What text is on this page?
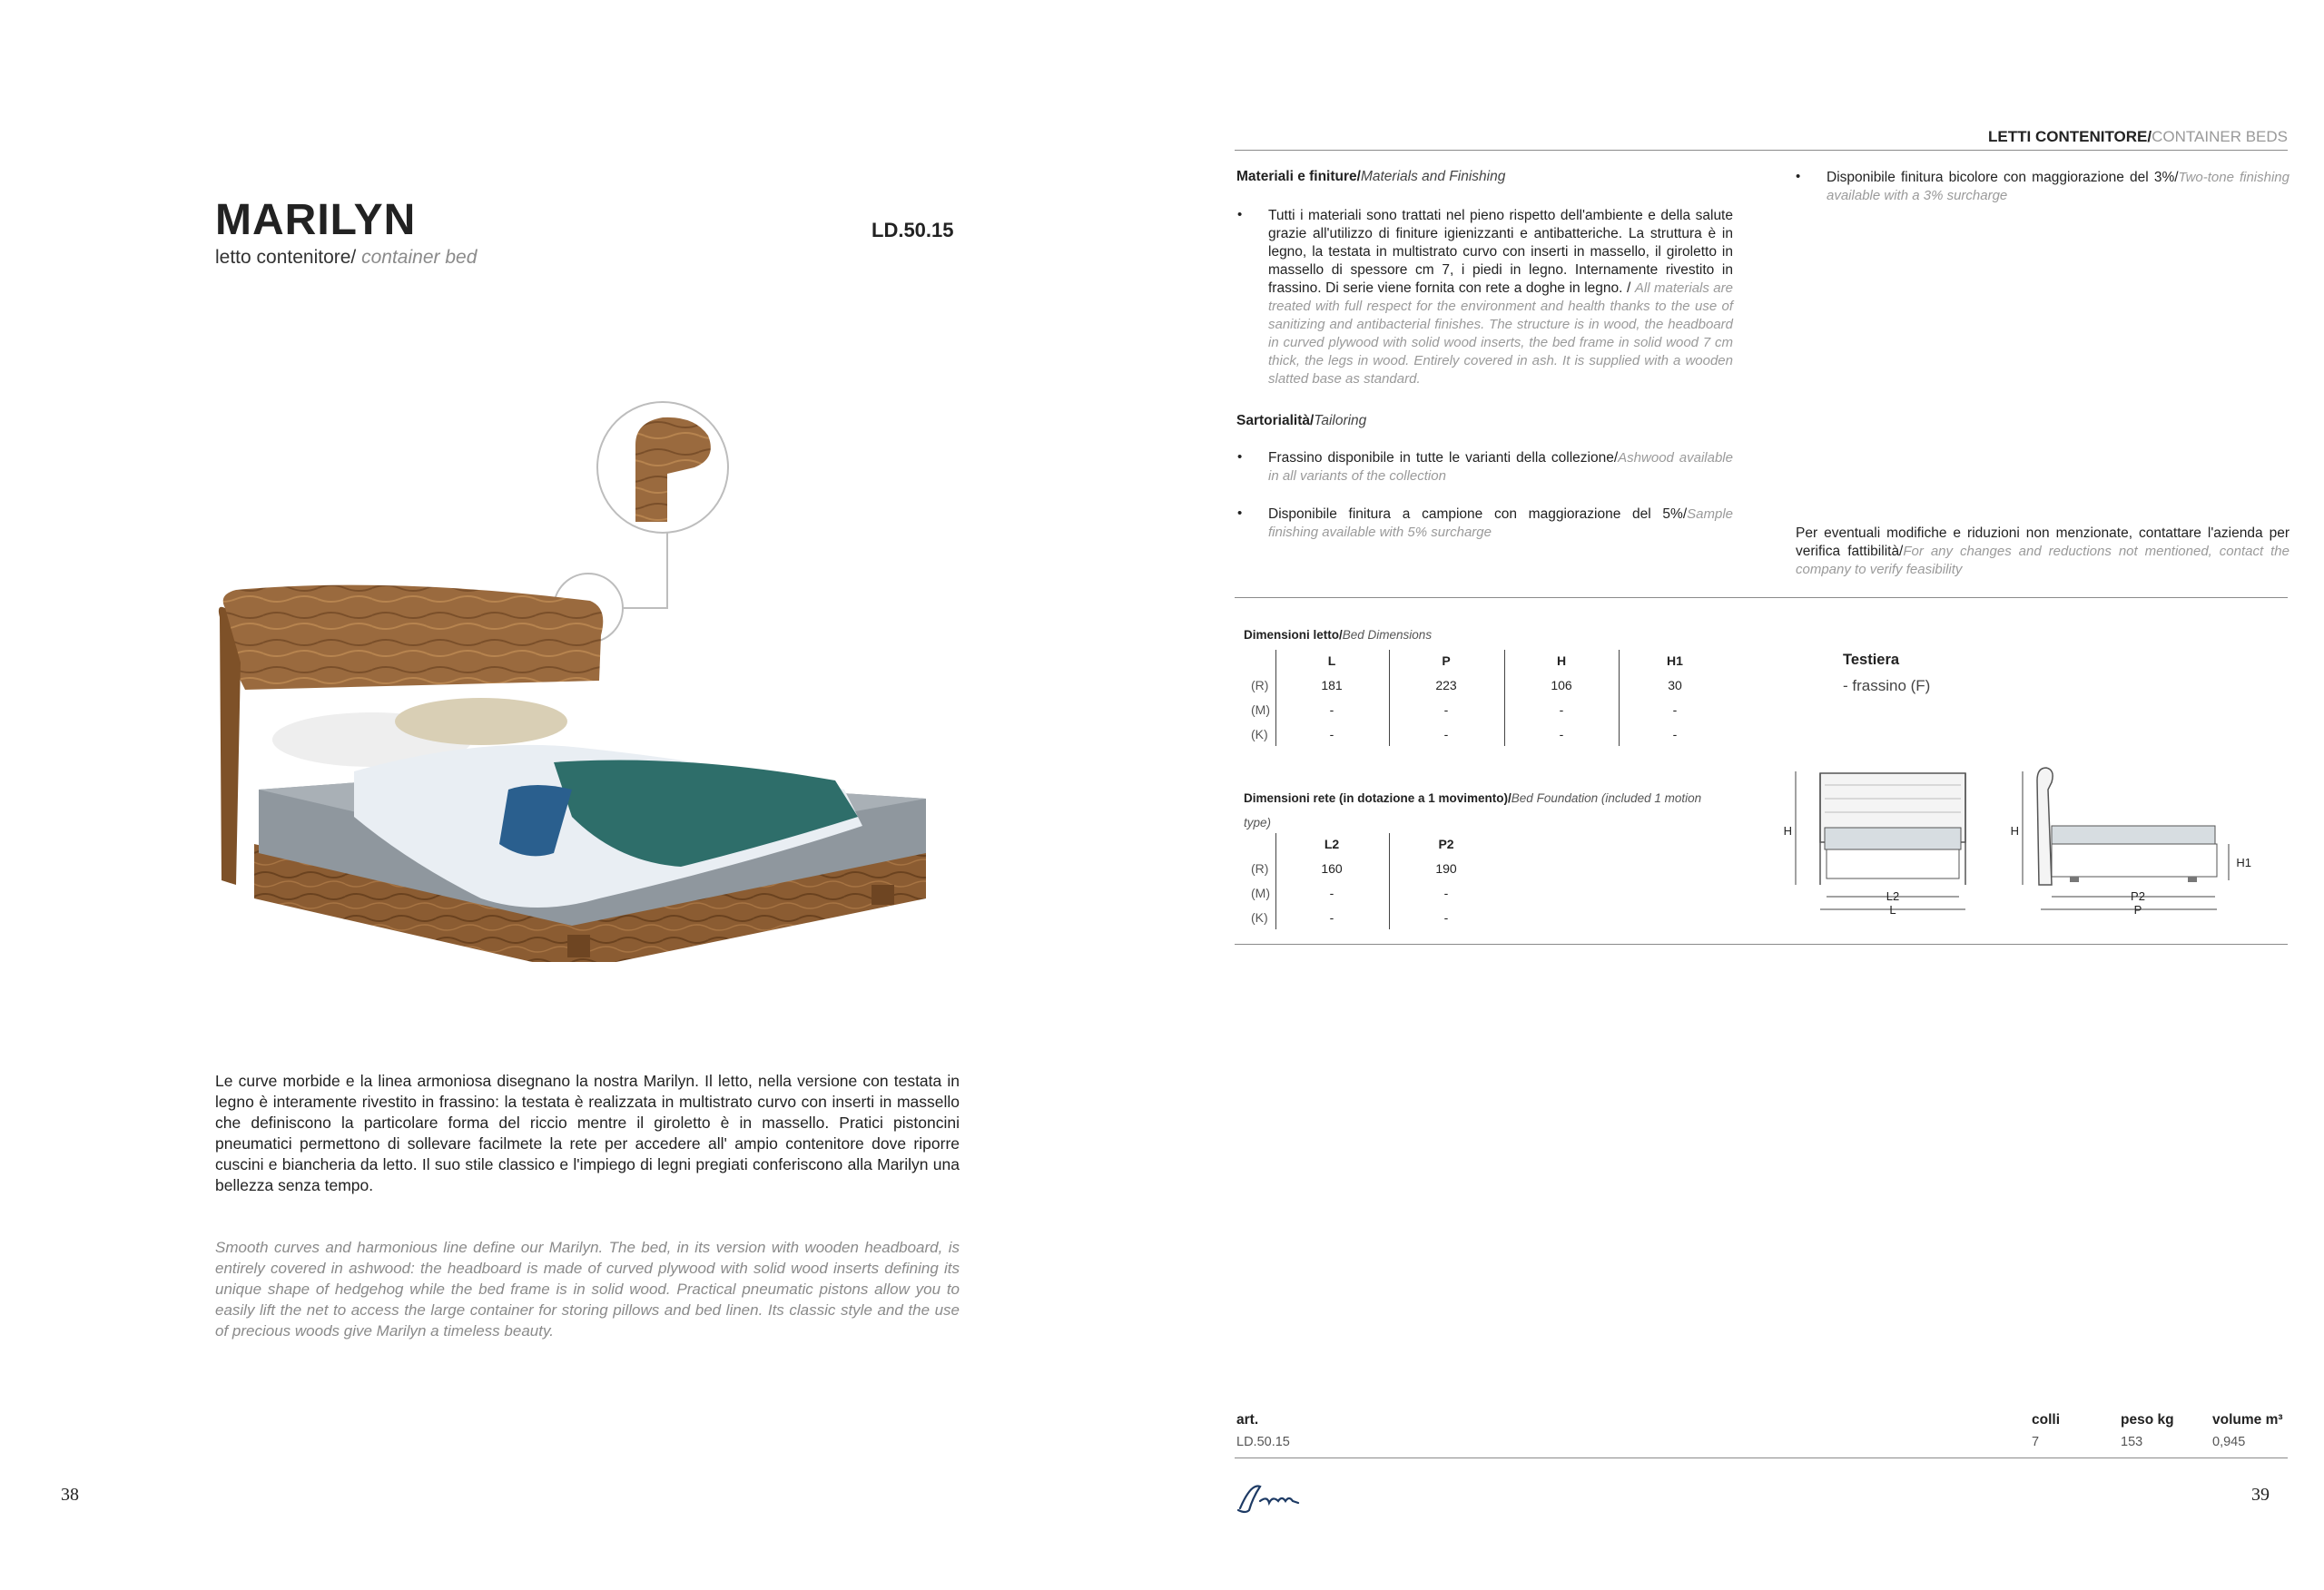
MARILYN
letto contenitore/ container bed
LD.50.15
Le curve morbide e la linea armoniosa disegnano la nostra Marilyn. Il letto, nella versione con testata in legno è interamente rivestito in frassino: la testata è realizzata in multistrato curvo con inserti in massello che definiscono la particolare forma del riccio mentre il giroletto è in massello. Pratici pistoncini pneumatici permettono di sollevare facilmete la rete per accedere all' ampio contenitore dove riporre cuscini e biancheria da letto. Il suo stile classico e l'impiego di legni pregiati conferiscono alla Marilyn una bellezza senza tempo.
Smooth curves and harmonious line define our Marilyn. The bed, in its version with wooden headboard, is entirely covered in ashwood: the headboard is made of curved plywood with solid wood inserts defining its unique shape of hedgehog while the bed frame is in solid wood. Practical pneumatic pistons allow you to easily lift the net to access the large container for storing pillows and bed linen. Its classic style and the use of precious woods give Marilyn a timeless beauty.
38
LETTI CONTENITORE/CONTAINER BEDS
Materiali e finiture/Materials and Finishing
• Tutti i materiali sono trattati nel pieno rispetto dell'ambiente e della salute grazie all'utilizzo di finiture igienizzanti e antibatteriche. La struttura è in legno, la testata in multistrato curvo con inserti in massello, il giroletto in massello di spessore cm 7, i piedi in legno. Internamente rivestito in frassino. Di serie viene fornita con rete a doghe in legno. / All materials are treated with full respect for the environment and health thanks to the use of sanitizing and antibacterial finishes. The structure is in wood, the headboard in curved plywood with solid wood inserts, the bed frame in solid wood 7 cm thick, the legs in wood. Entirely covered in ash. It is supplied with a wooden slatted base as standard.
Sartorialità/Tailoring
• Frassino disponibile in tutte le varianti della collezione/Ashwood available in all variants of the collection
• Disponibile finitura a campione con maggiorazione del 5%/Sample finishing available with 5% surcharge
• Disponibile finitura bicolore con maggiorazione del 3%/Two-tone finishing available with a 3% surcharge
Per eventuali modifiche e riduzioni non menzionate, contattare l'azienda per verifica fattibilità/For any changes and reductions not mentioned, contact the company to verify feasibility
Dimensioni letto/Bed Dimensions
L	P	H	H1
(R)	181	223	106	30
(M)	-	-	-	-
(K)	-	-	-	-
Dimensioni rete (in dotazione a 1 movimento)/Bed Foundation (included 1 motion type)
L2	P2
(R)	160	190
(M)	-	-
(K)	-	-
Testiera
- frassino (F)
H
L2
L
H
H1
P2
P
art.	colli	peso kg	volume m³
LD.50.15	7	153	0,945
39
